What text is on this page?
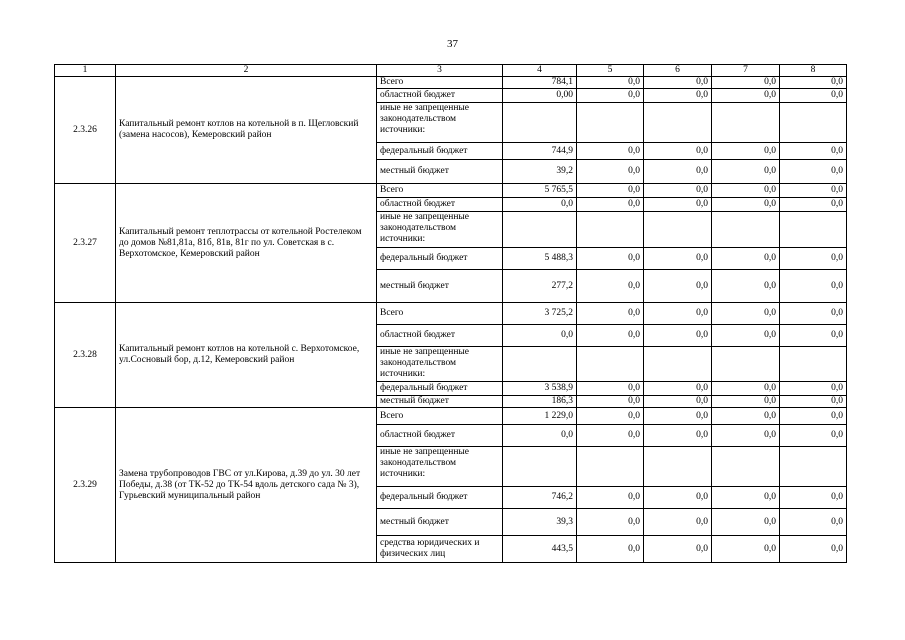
37
1	2	3	4	5	6	7	8
2.3.26	Капитальный ремонт котлов на котельной в п. Щегловский (замена насосов), Кемеровский район	Всего	784,1	0,0	0,0	0,0	0,0
		областной бюджет	0,00	0,0	0,0	0,0	0,0
		иные не запрещенные законодательством источники:					
		федеральный бюджет	744,9	0,0	0,0	0,0	0,0
		местный бюджет	39,2	0,0	0,0	0,0	0,0
2.3.27	Капитальный ремонт теплотрассы от котельной Ростелеком до домов №81,81а, 81б, 81в, 81г по ул. Советская в с. Верхотомское, Кемеровский район	Всего	5 765,5	0,0	0,0	0,0	0,0
		областной бюджет	0,0	0,0	0,0	0,0	0,0
		иные не запрещенные законодательством источники:					
		федеральный бюджет	5 488,3	0,0	0,0	0,0	0,0
		местный бюджет	277,2	0,0	0,0	0,0	0,0
2.3.28	Капитальный ремонт котлов на котельной с. Верхотомское, ул.Сосновый бор, д.12, Кемеровский район	Всего	3 725,2	0,0	0,0	0,0	0,0
		областной бюджет	0,0	0,0	0,0	0,0	0,0
		иные не запрещенные законодательством источники:					
		федеральный бюджет	3 538,9	0,0	0,0	0,0	0,0
		местный бюджет	186,3	0,0	0,0	0,0	0,0
2.3.29	Замена трубопроводов ГВС от ул.Кирова, д.39 до ул. 30 лет Победы, д.38 (от ТК-52 до ТК-54 вдоль детского сада № 3), Гурьевский муниципальный район	Всего	1 229,0	0,0	0,0	0,0	0,0
		областной бюджет	0,0	0,0	0,0	0,0	0,0
		иные не запрещенные законодательством источники:					
		федеральный бюджет	746,2	0,0	0,0	0,0	0,0
		местный бюджет	39,3	0,0	0,0	0,0	0,0
		средства юридических и физических лиц	443,5	0,0	0,0	0,0	0,0
